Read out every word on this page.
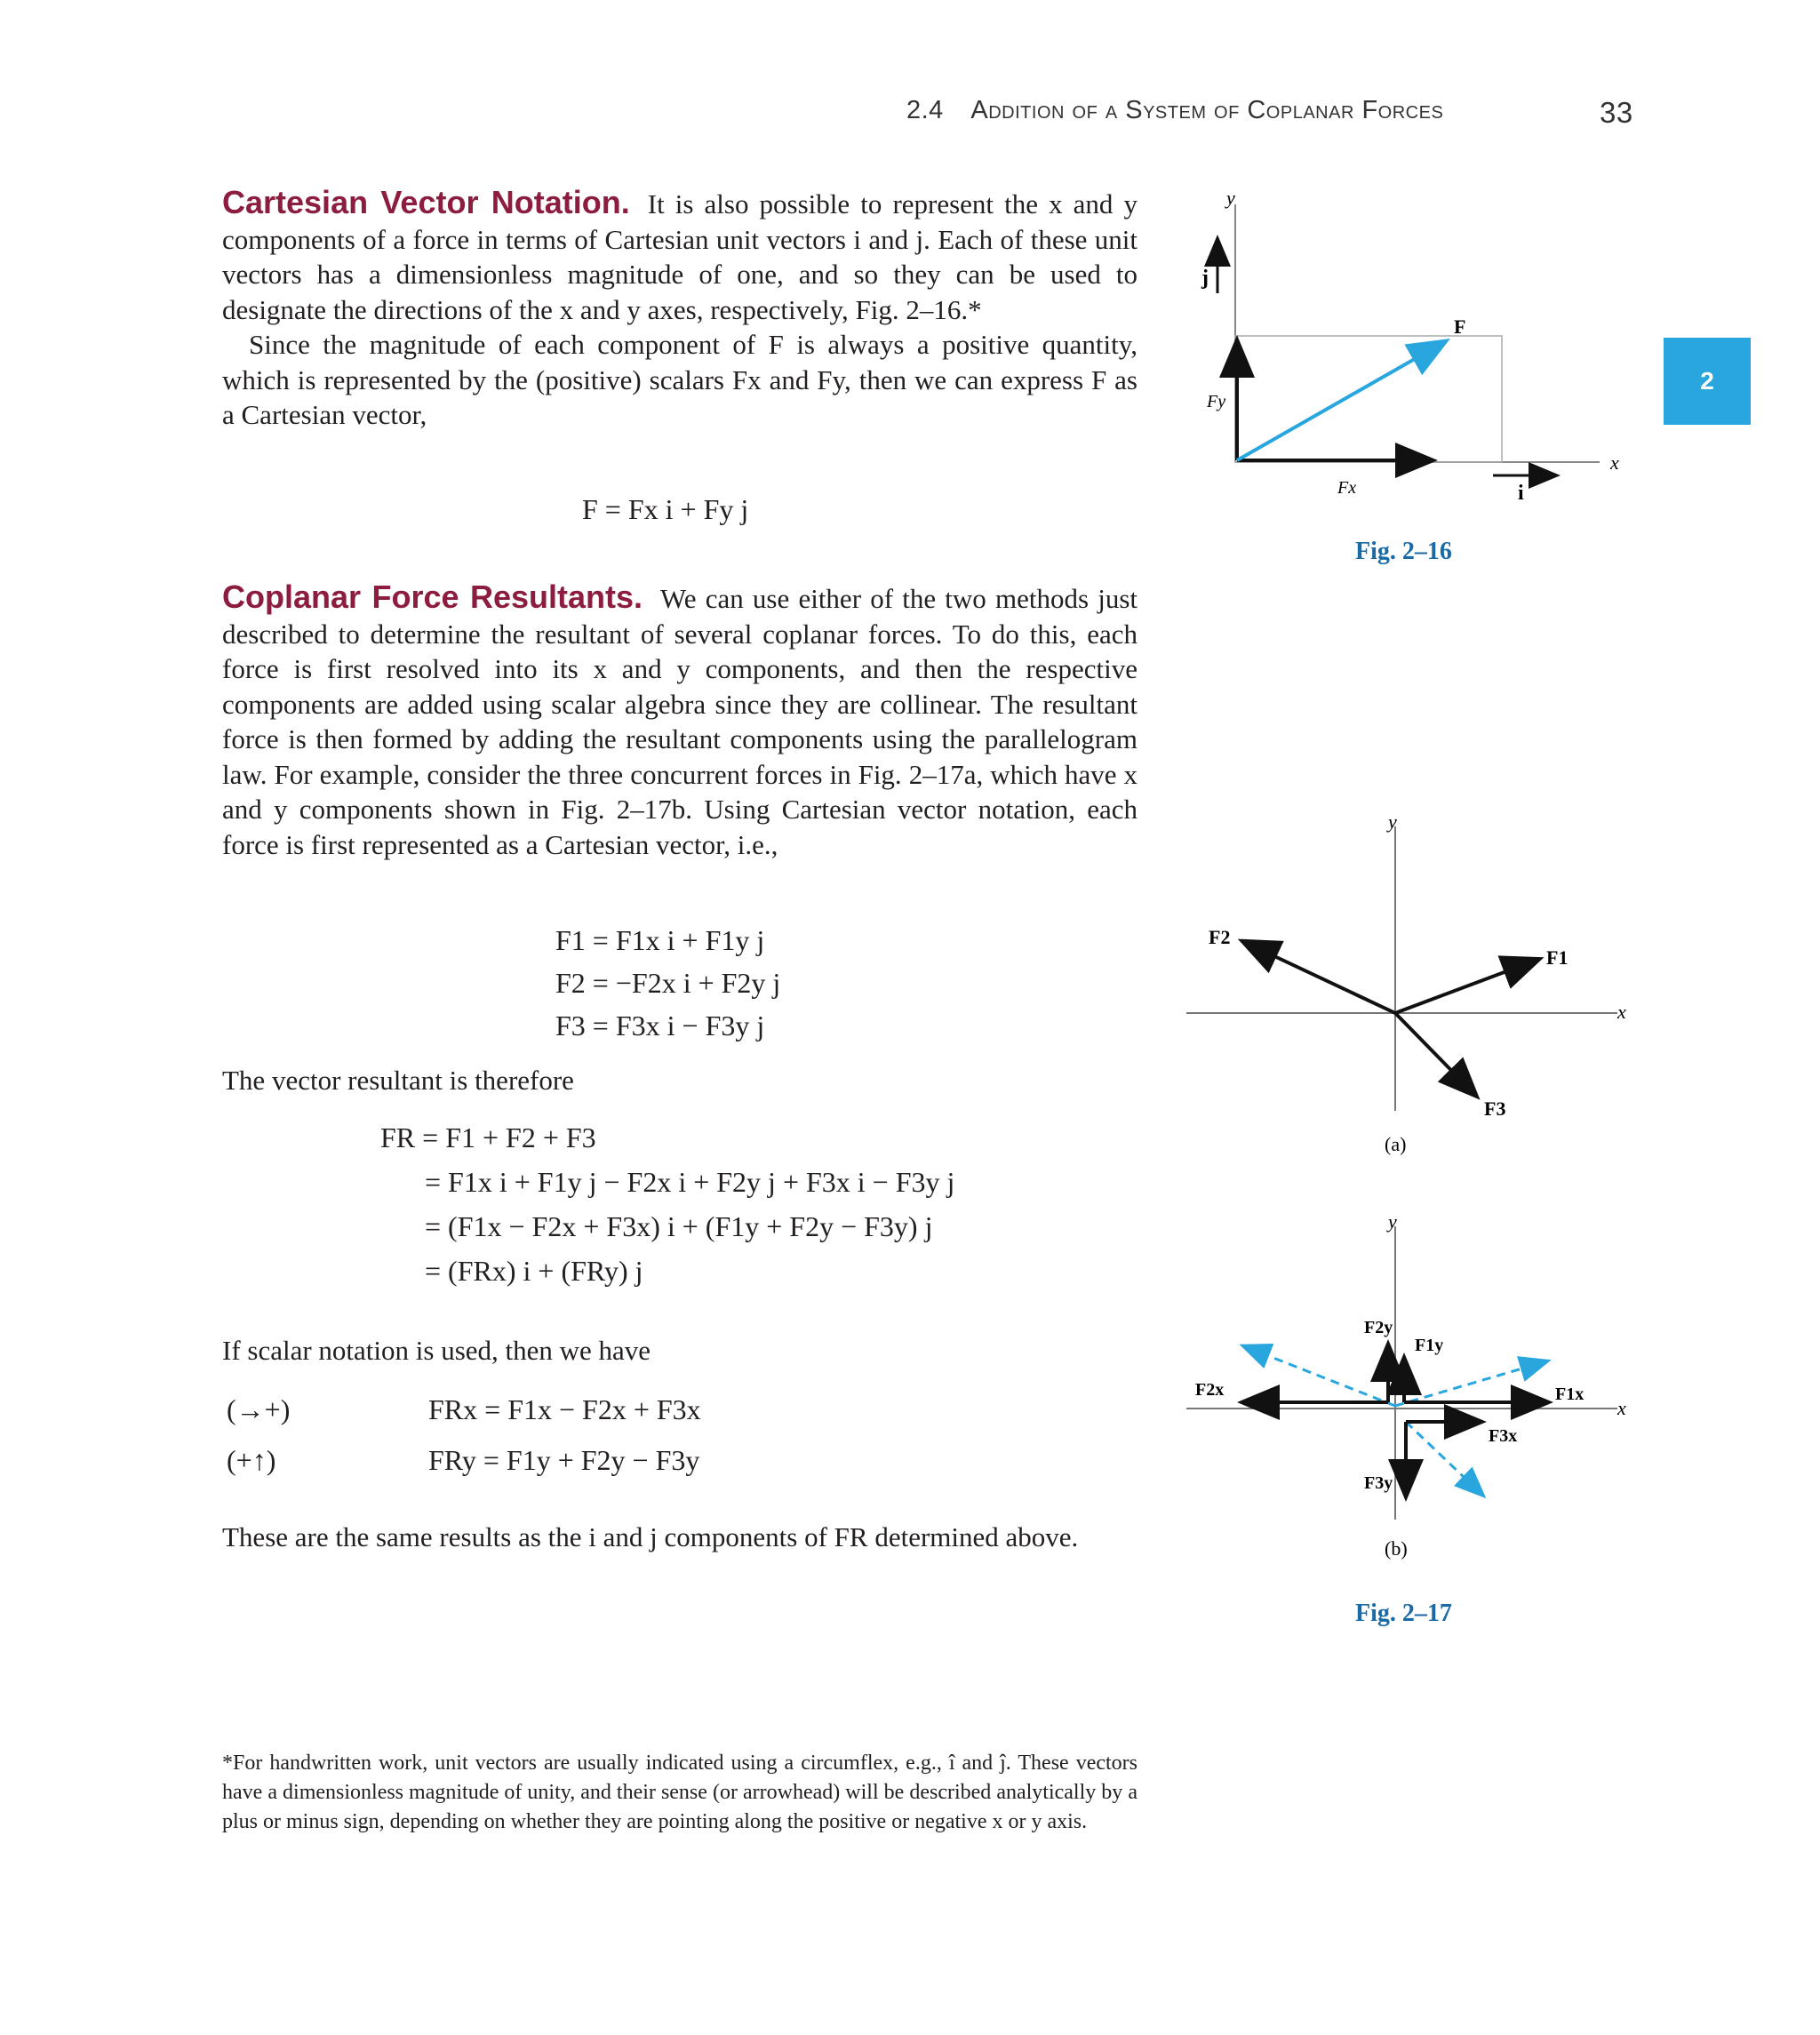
2.4 Addition of a System of Coplanar Forces	33
2

Cartesian Vector Notation. It is also possible to represent the x and y components of a force in terms of Cartesian unit vectors i and j. Each of these unit vectors has a dimensionless magnitude of one, and so they can be used to designate the directions of the x and y axes, respectively, Fig. 2–16.*

Since the magnitude of each component of F is always a positive quantity, which is represented by the (positive) scalars Fx and Fy, then we can express F as a Cartesian vector,

F = Fx i + Fy j

Coplanar Force Resultants. We can use either of the two methods just described to determine the resultant of several coplanar forces. To do this, each force is first resolved into its x and y components, and then the respective components are added using scalar algebra since they are collinear. The resultant force is then formed by adding the resultant components using the parallelogram law. For example, consider the three concurrent forces in Fig. 2–17a, which have x and y components shown in Fig. 2–17b. Using Cartesian vector notation, each force is first represented as a Cartesian vector, i.e.,

F1 = F1x i + F1y j
F2 = −F2x i + F2y j
F3 = F3x i − F3y j
The vector resultant is therefore
FR = F1 + F2 + F3
= F1x i + F1y j − F2x i + F2y j + F3x i − F3y j
= (F1x − F2x + F3x) i + (F1y + F2y − F3y) j
= (FRx) i + (FRy) j
If scalar notation is used, then we have
(→+)	FRx = F1x − F2x + F3x
(+↑)	FRy = F1y + F2y − F3y
These are the same results as the i and j components of FR determined above.
*For handwritten work, unit vectors are usually indicated using a circumflex, e.g., î and ĵ. These vectors have a dimensionless magnitude of unity, and their sense (or arrowhead) will be described analytically by a plus or minus sign, depending on whether they are pointing along the positive or negative x or y axis.
y
x
j
i
F
Fy
Fx
Fig. 2–16
y
x
F1
F2
F3
(a)
y
x
F1x
F1y
F2x
F2y
F3x
F3y
(b)
Fig. 2–17
